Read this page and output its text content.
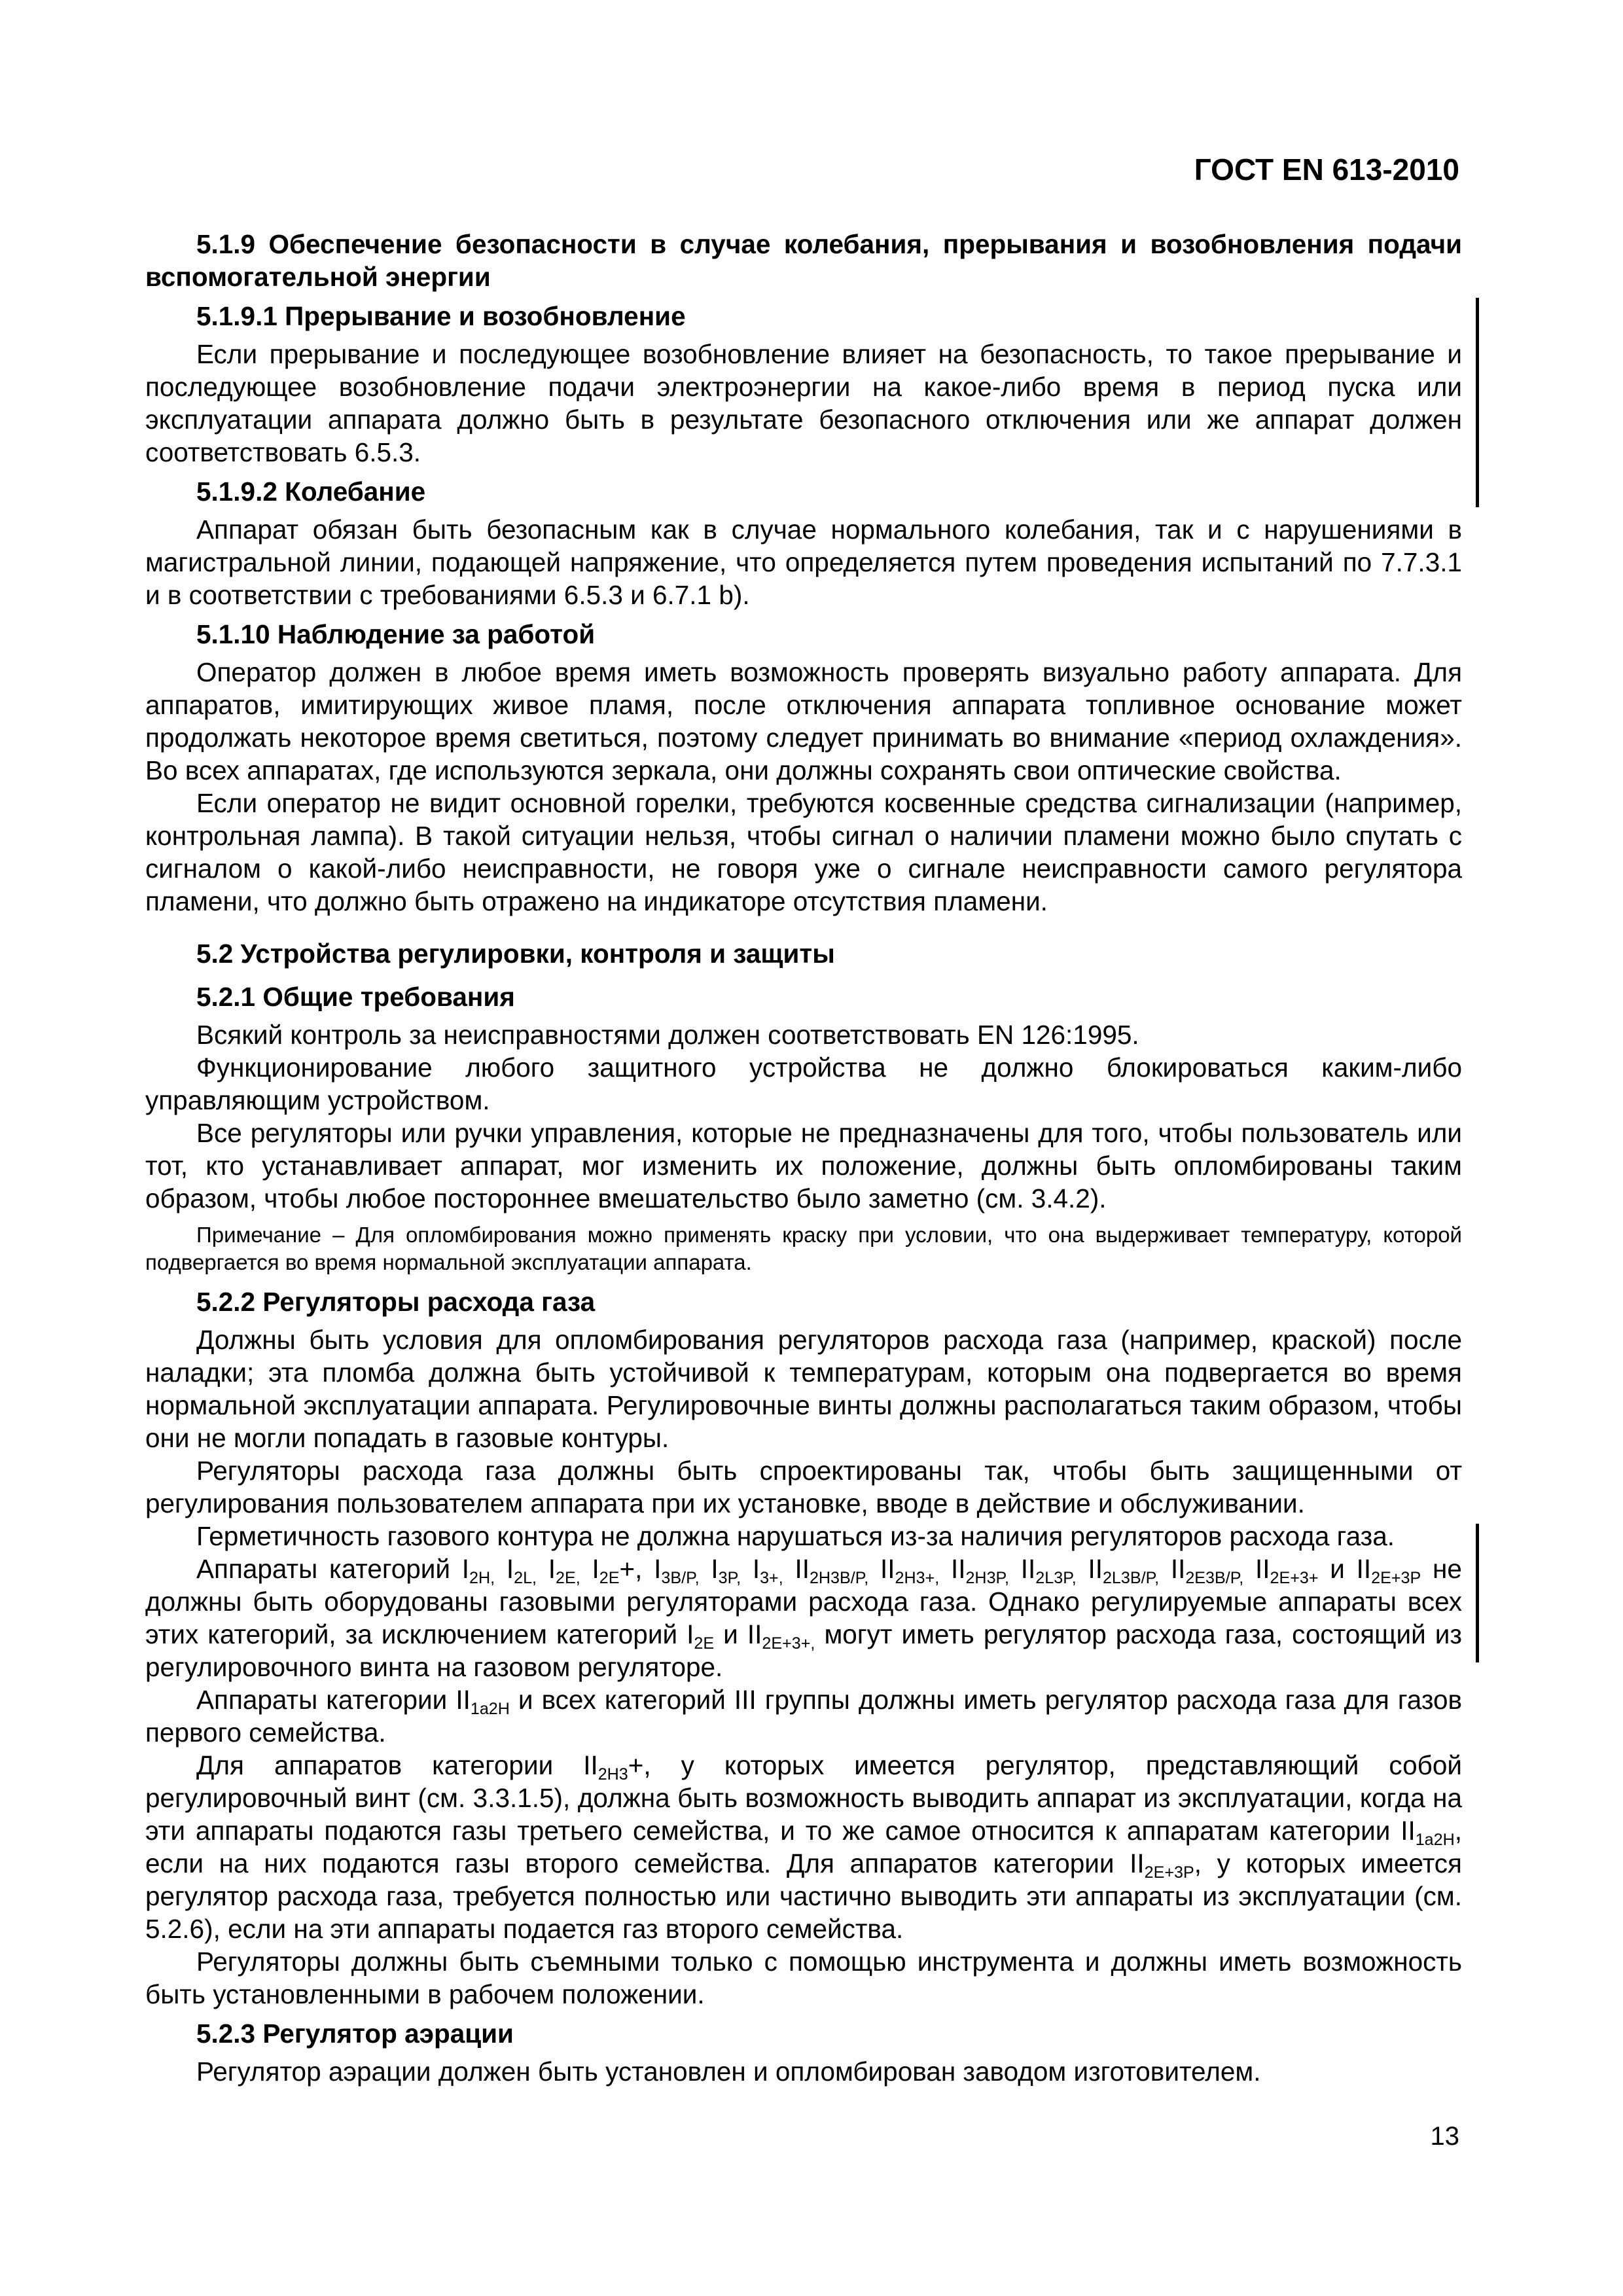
ГОСТ EN 613-2010

5.1.9 Обеспечение безопасности в случае колебания, прерывания и возобновления подачи вспомогательной энергии

5.1.9.1 Прерывание и возобновление

Если прерывание и последующее возобновление влияет на безопасность, то такое прерывание и последующее возобновление подачи электроэнергии на какое-либо время в период пуска или эксплуатации аппарата должно быть в результате безопасного отключения или же аппарат должен соответствовать 6.5.3.

5.1.9.2 Колебание

Аппарат обязан быть безопасным как в случае нормального колебания, так и с нарушениями в магистральной линии, подающей напряжение, что определяется путем проведения испытаний по 7.7.3.1 и в соответствии с требованиями 6.5.3 и 6.7.1 b).

5.1.10 Наблюдение за работой

Оператор должен в любое время иметь возможность проверять визуально работу аппарата. Для аппаратов, имитирующих живое пламя, после отключения аппарата топливное основание может продолжать некоторое время светиться, поэтому следует принимать во внимание «период охлаждения». Во всех аппаратах, где используются зеркала, они должны сохранять свои оптические свойства.

Если оператор не видит основной горелки, требуются косвенные средства сигнализации (например, контрольная лампа). В такой ситуации нельзя, чтобы сигнал о наличии пламени можно было спутать с сигналом о какой-либо неисправности, не говоря уже о сигнале неисправности самого регулятора пламени, что должно быть отражено на индикаторе отсутствия пламени.

5.2 Устройства регулировки, контроля и защиты

5.2.1 Общие требования

Всякий контроль за неисправностями должен соответствовать EN 126:1995.

Функционирование любого защитного устройства не должно блокироваться каким-либо управляющим устройством.

Все регуляторы или ручки управления, которые не предназначены для того, чтобы пользователь или тот, кто устанавливает аппарат, мог изменить их положение, должны быть опломбированы таким образом, чтобы любое постороннее вмешательство было заметно (см. 3.4.2).

Примечание – Для опломбирования можно применять краску при условии, что она выдерживает температуру, которой подвергается во время нормальной эксплуатации аппарата.

5.2.2 Регуляторы расхода газа

Должны быть условия для опломбирования регуляторов расхода газа (например, краской) после наладки; эта пломба должна быть устойчивой к температурам, которым она подвергается во время нормальной эксплуатации аппарата. Регулировочные винты должны располагаться таким образом, чтобы они не могли попадать в газовые контуры.

Регуляторы расхода газа должны быть спроектированы так, чтобы быть защищенными от регулирования пользователем аппарата при их установке, вводе в действие и обслуживании.

Герметичность газового контура не должна нарушаться из-за наличия регуляторов расхода газа.

Аппараты категорий $I_{2H,}$ $I_{2L,}$ $I_{2E,}$ $I_{2E}+$, $I_{3B/P,}$ $I_{3P,}$ $I_{3+,}$ $II_{2H3B/P,}$ $II_{2H3+,}$ $II_{2H3P,}$ $II_{2L3P,}$ $II_{2L3B/P,}$ $II_{2E3B/P,}$ $II_{2E+3+}$ и $II_{2E+3P}$ не должны быть оборудованы газовыми регуляторами расхода газа. Однако регулируемые аппараты всех этих категорий, за исключением категорий $I_{2E}$ и $II_{2E+3+,}$ могут иметь регулятор расхода газа, состоящий из регулировочного винта на газовом регуляторе.

Аппараты категории $II_{1a2H}$ и всех категорий III группы должны иметь регулятор расхода газа для газов первого семейства.

Для аппаратов категории $II_{2H3}+$, у которых имеется регулятор, представляющий собой регулировочный винт (см. 3.3.1.5), должна быть возможность выводить аппарат из эксплуатации, когда на эти аппараты подаются газы третьего семейства, и то же самое относится к аппаратам категории $II_{1a2H}$, если на них подаются газы второго семейства. Для аппаратов категории $II_{2E+3P}$, у которых имеется регулятор расхода газа, требуется полностью или частично выводить эти аппараты из эксплуатации (см. 5.2.6), если на эти аппараты подается газ второго семейства.

Регуляторы должны быть съемными только с помощью инструмента и должны иметь возможность быть установленными в рабочем положении.

5.2.3 Регулятор аэрации

Регулятор аэрации должен быть установлен и опломбирован заводом изготовителем.

13
